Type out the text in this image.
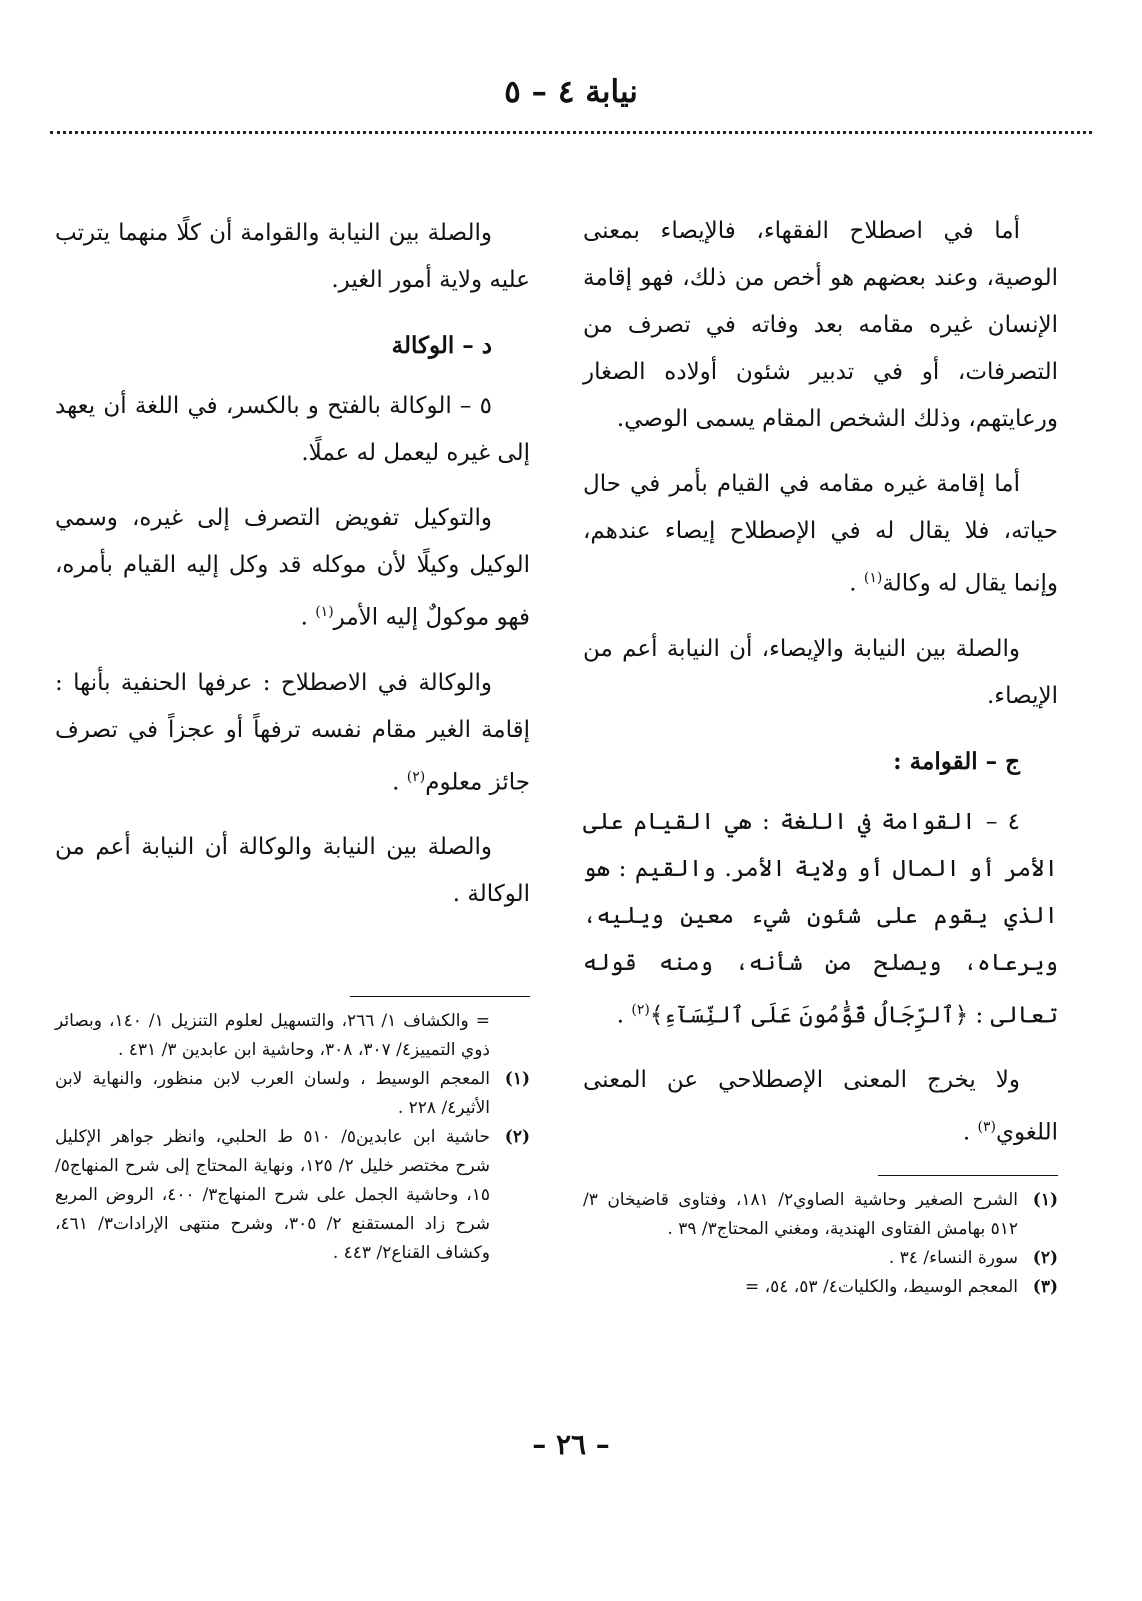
نيابة ٤ – ٥

أما في اصطلاح الفقهاء، فالإيصاء بمعنى الوصية، وعند بعضهم هو أخص من ذلك، فهو إقامة الإنسان غيره مقامه بعد وفاته في تصرف من التصرفات، أو في تدبير شئون أولاده الصغار ورعايتهم، وذلك الشخص المقام يسمى الوصي.

أما إقامة غيره مقامه في القيام بأمر في حال حياته، فلا يقال له في الإصطلاح إيصاء عندهم، وإنما يقال له وكالة$^{(١)}$ .

والصلة بين النيابة والإيصاء، أن النيابة أعم من الإيصاء.

ج – القوامة :

٤ – القوامة في اللغة : هي القيام على الأمر أو المال أو ولاية الأمر. والقيم : هو الذي يقوم على شئون شيء معين ويليه، ويرعاه، ويصلح من شأنه، ومنه قوله تعالى : ﴿ٱلرِّجَالُ قَوَّٰمُونَ عَلَى ٱلنِّسَآءِ﴾$^{(٢)}$ .

ولا يخرج المعنى الإصطلاحي عن المعنى اللغوي$^{(٣)}$ .

(١)
الشرح الصغير وحاشية الصاوي٢/ ١٨١، وفتاوى قاضيخان ٣/ ٥١٢ بهامش الفتاوى الهندية، ومغني المحتاج٣/ ٣٩ .
(٢)
سورة النساء/ ٣٤ .
(٣)
المعجم الوسيط، والكليات٤/ ٥٣، ٥٤، =

والصلة بين النيابة والقوامة أن كلًا منهما يترتب عليه ولاية أمور الغير.

د – الوكالة

٥ – الوكالة بالفتح و بالكسر، في اللغة أن يعهد إلى غيره ليعمل له عملًا.

والتوكيل تفويض التصرف إلى غيره، وسمي الوكيل وكيلًا لأن موكله قد وكل إليه القيام بأمره، فهو موكولٌ إليه الأمر$^{(١)}$ .

والوكالة في الاصطلاح : عرفها الحنفية بأنها : إقامة الغير مقام نفسه ترفهاً أو عجزاً في تصرف جائز معلوم$^{(٢)}$ .

والصلة بين النيابة والوكالة أن النيابة أعم من الوكالة .

= والكشاف ١/ ٢٦٦، والتسهيل لعلوم التنزيل ١/ ١٤٠، وبصائر ذوي التمييز٤/ ٣٠٧، ٣٠٨، وحاشية ابن عابدين ٣/ ٤٣١ .
(١)
المعجم الوسيط ، ولسان العرب لابن منظور، والنهاية لابن الأثير٤/ ٢٢٨ .
(٢)
حاشية ابن عابدين٥/ ٥١٠ ط الحلبي، وانظر جواهر الإكليل شرح مختصر خليل ٢/ ١٢٥، ونهاية المحتاج إلى شرح المنهاج٥/ ١٥، وحاشية الجمل على شرح المنهاج٣/ ٤٠٠، الروض المربع شرح زاد المستقنع ٢/ ٣٠٥، وشرح منتهى الإرادات٣/ ٤٦١، وكشاف القناع٢/ ٤٤٣ .
– ٢٦ –
